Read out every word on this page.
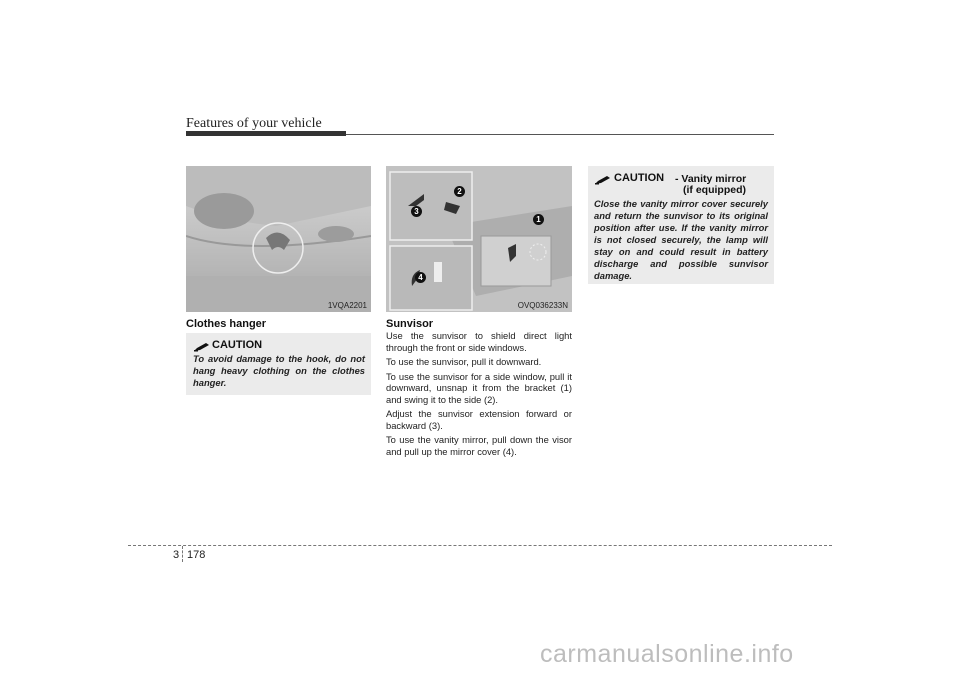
Features of your vehicle
1VQA2201
1
2
3
4
OVQ036233N
Clothes hanger
CAUTION
To avoid damage to the hook, do not hang heavy clothing on the clothes hanger.
Sunvisor

Use the sunvisor to shield direct light through the front or side windows.

To use the sunvisor, pull it downward.

To use the sunvisor for a side window, pull it downward, unsnap it from the bracket (1) and swing it to the side (2).

Adjust the sunvisor extension forward or backward (3).

To use the vanity mirror, pull down the visor and pull up the mirror cover (4).

CAUTION - Vanity mirror
(if equipped)
Close the vanity mirror cover securely and return the sunvisor to its original position after use. If the vanity mirror is not closed securely, the lamp will stay on and could result in battery discharge and possible sunvisor damage.
3 178
carmanualsonline.info
